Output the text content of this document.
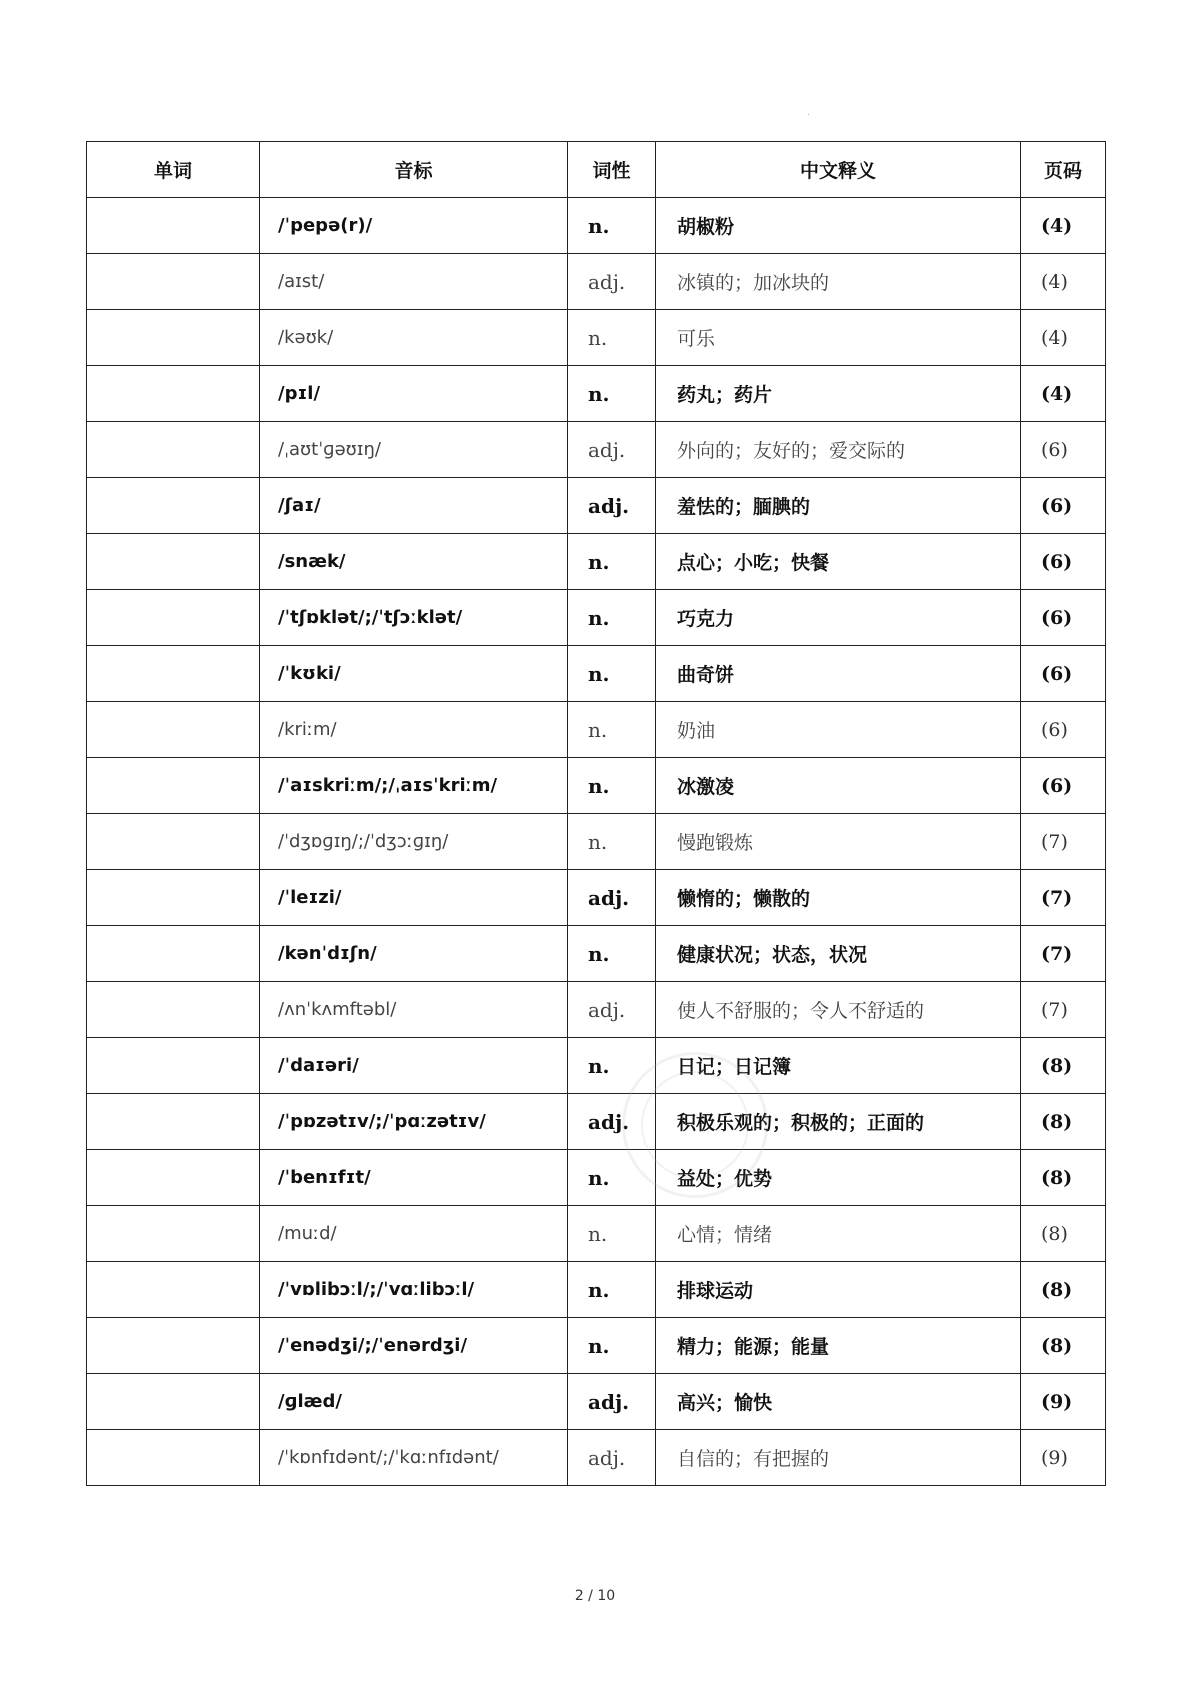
.
单词	音标	词性	中文释义	页码
	/ˈpepə(r)/	n.	胡椒粉	(4)
	/aɪst/	adj.	冰镇的；加冰块的	(4)
	/kəʊk/	n.	可乐	(4)
	/pɪl/	n.	药丸；药片	(4)
	/ˌaʊtˈɡəʊɪŋ/	adj.	外向的；友好的；爱交际的	(6)
	/ʃaɪ/	adj.	羞怯的；腼腆的	(6)
	/snæk/	n.	点心；小吃；快餐	(6)
	/ˈtʃɒklət/;/ˈtʃɔːklət/	n.	巧克力	(6)
	/ˈkʊki/	n.	曲奇饼	(6)
	/kriːm/	n.	奶油	(6)
	/ˈaɪskriːm/;/ˌaɪsˈkriːm/	n.	冰激凌	(6)
	/ˈdʒɒɡɪŋ/;/ˈdʒɔːɡɪŋ/	n.	慢跑锻炼	(7)
	/ˈleɪzi/	adj.	懒惰的；懒散的	(7)
	/kənˈdɪʃn/	n.	健康状况；状态，状况	(7)
	/ʌnˈkʌmftəbl/	adj.	使人不舒服的；令人不舒适的	(7)
	/ˈdaɪəri/	n.	日记；日记簿	(8)
	/ˈpɒzətɪv/;/ˈpɑːzətɪv/	adj.	积极乐观的；积极的；正面的	(8)
	/ˈbenɪfɪt/	n.	益处；优势	(8)
	/muːd/	n.	心情；情绪	(8)
	/ˈvɒlibɔːl/;/ˈvɑːlibɔːl/	n.	排球运动	(8)
	/ˈenədʒi/;/ˈenərdʒi/	n.	精力；能源；能量	(8)
	/ɡlæd/	adj.	高兴；愉快	(9)
	/ˈkɒnfɪdənt/;/ˈkɑːnfɪdənt/	adj.	自信的；有把握的	(9)
2 / 10
